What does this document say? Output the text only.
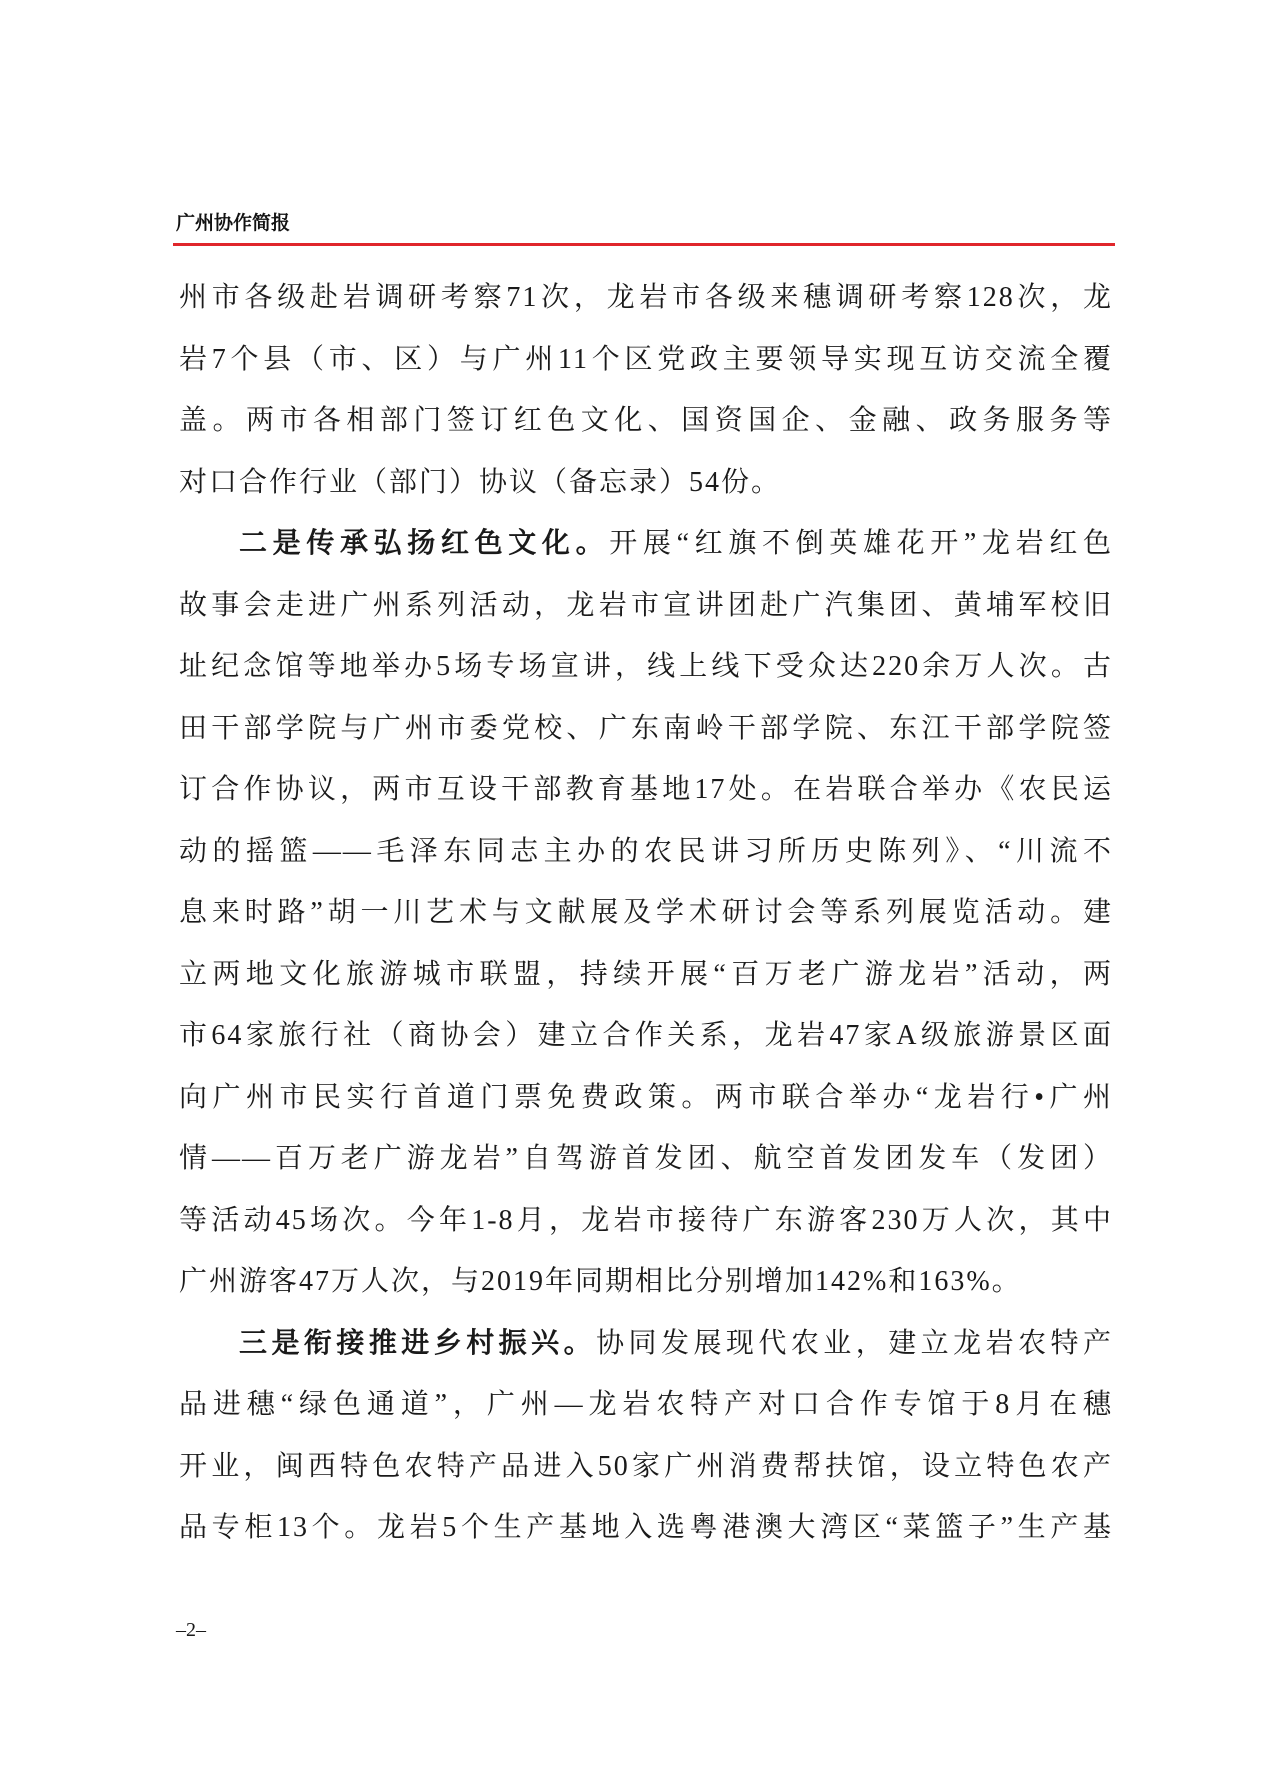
广州协作简报
州市各级赴岩调研考察71次，龙岩市各级来穗调研考察128次，龙
岩7个县（市、区）与广州11个区党政主要领导实现互访交流全覆
盖。两市各相部门签订红色文化、国资国企、金融、政务服务等
对口合作行业（部门）协议（备忘录）54份。
二是传承弘扬红色文化。开展“红旗不倒英雄花开”龙岩红色
故事会走进广州系列活动，龙岩市宣讲团赴广汽集团、黄埔军校旧
址纪念馆等地举办5场专场宣讲，线上线下受众达220余万人次。古
田干部学院与广州市委党校、广东南岭干部学院、东江干部学院签
订合作协议，两市互设干部教育基地17处。在岩联合举办《农民运
动的摇篮——毛泽东同志主办的农民讲习所历史陈列》、“川流不
息来时路”胡一川艺术与文献展及学术研讨会等系列展览活动。建
立两地文化旅游城市联盟，持续开展“百万老广游龙岩”活动，两
市64家旅行社（商协会）建立合作关系，龙岩47家A级旅游景区面
向广州市民实行首道门票免费政策。两市联合举办“龙岩行•广州
情——百万老广游龙岩”自驾游首发团、航空首发团发车（发团）
等活动45场次。今年1-8月，龙岩市接待广东游客230万人次，其中
广州游客47万人次，与2019年同期相比分别增加142%和163%。
三是衔接推进乡村振兴。协同发展现代农业，建立龙岩农特产
品进穗“绿色通道”，广州—龙岩农特产对口合作专馆于8月在穗
开业，闽西特色农特产品进入50家广州消费帮扶馆，设立特色农产
品专柜13个。龙岩5个生产基地入选粤港澳大湾区“菜篮子”生产基
–2–
